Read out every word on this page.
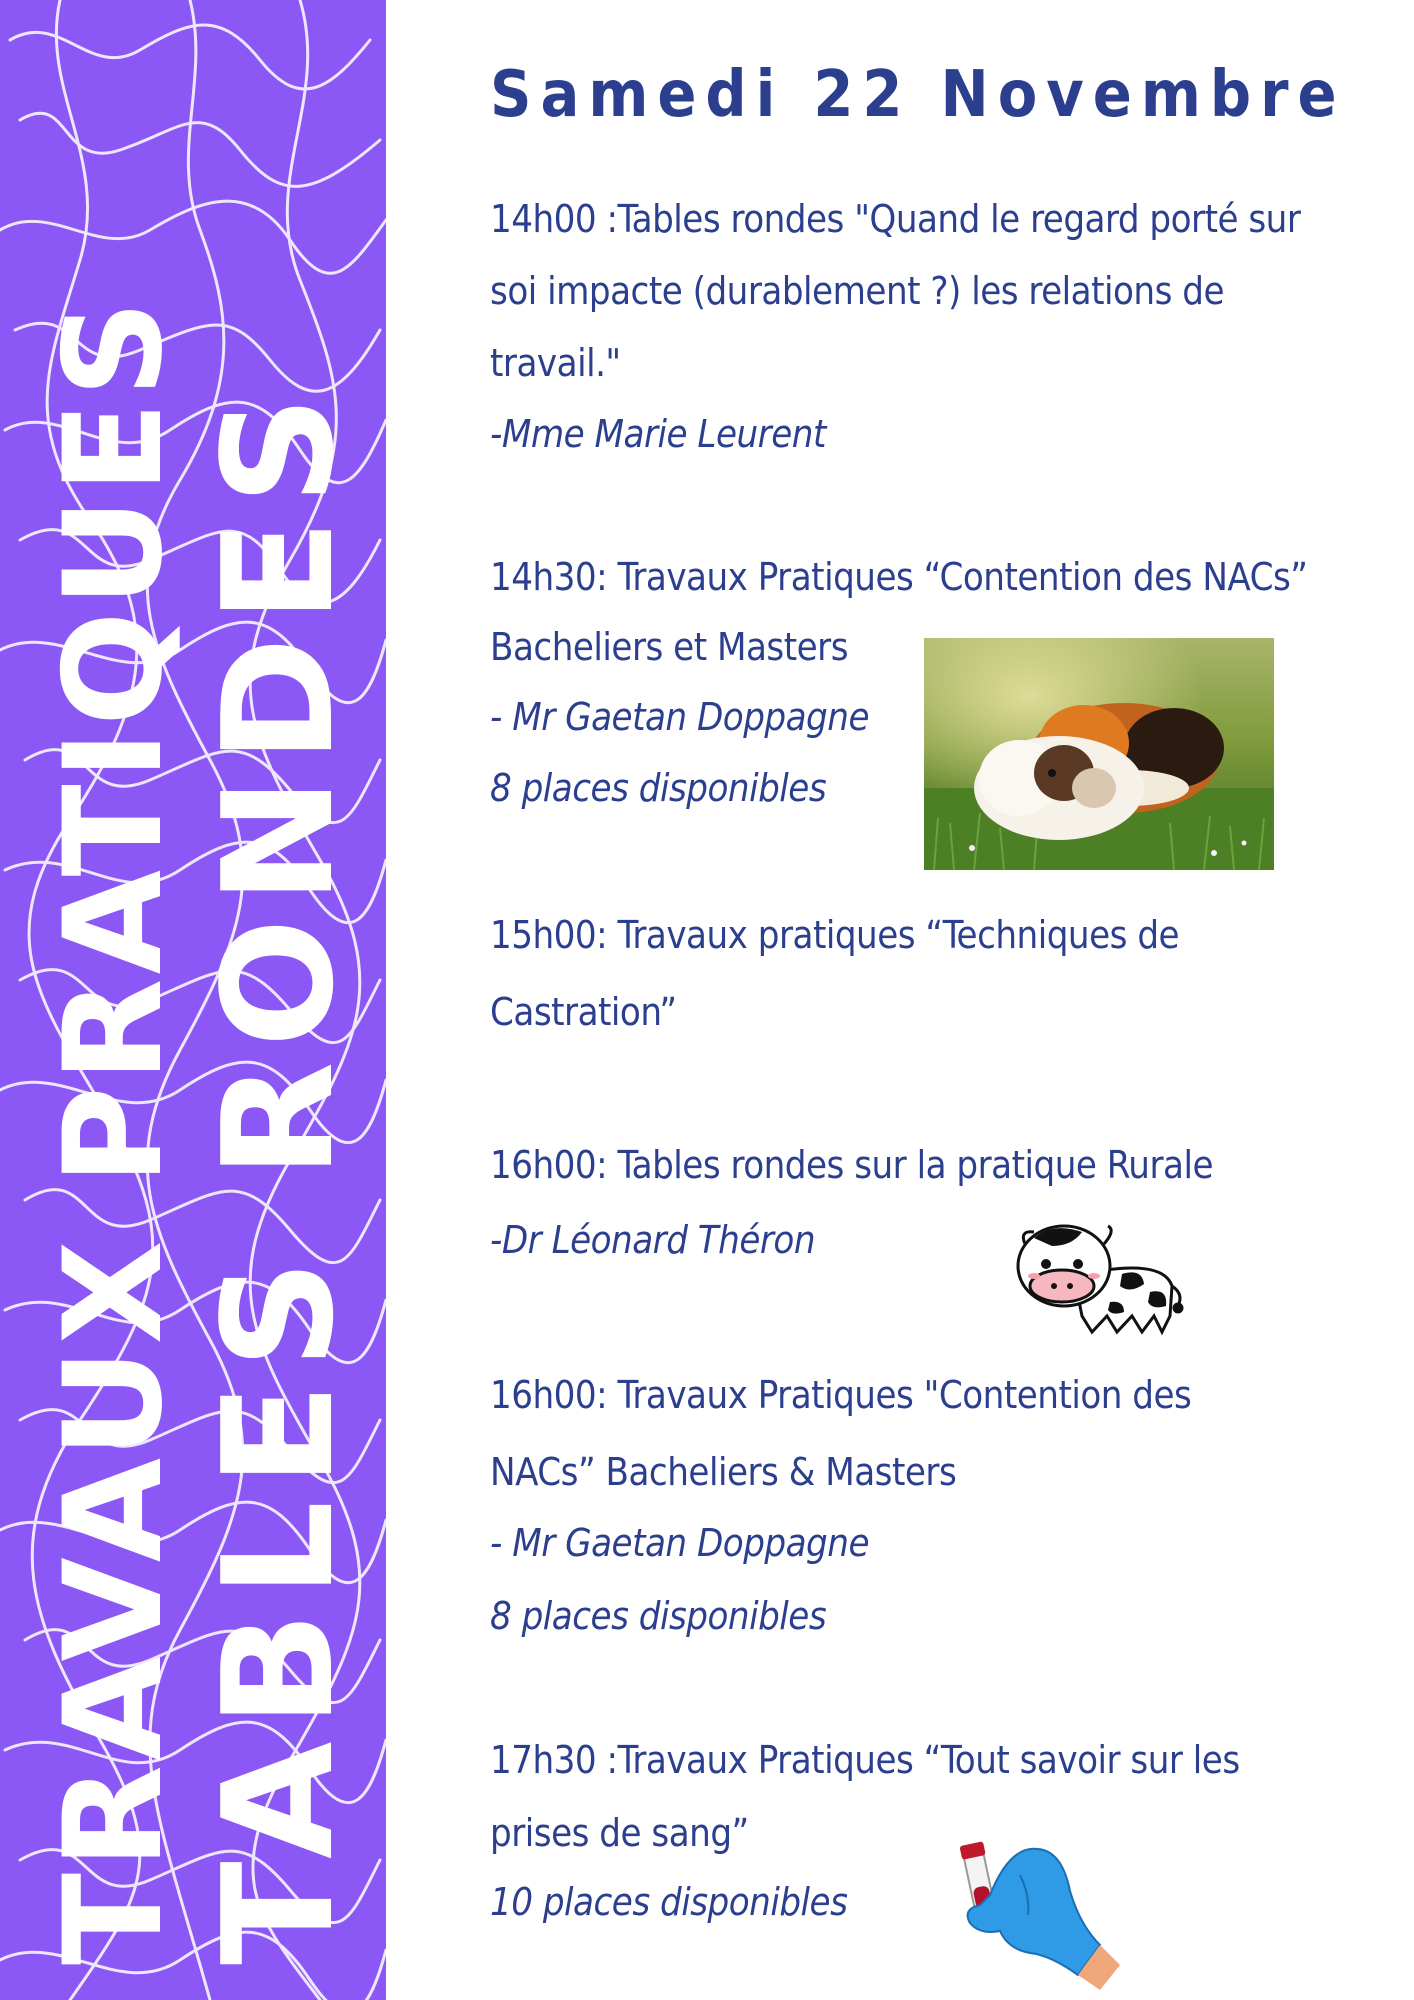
TRAVAUX PRATIQUES
TABLES RONDES
Samedi 22 Novembre

14h00 :Tables rondes "Quand le regard porté sur

soi impacte (durablement ?) les relations de

travail."

-Mme Marie Leurent

14h30: Travaux Pratiques “Contention des NACs”

Bacheliers et Masters

- Mr Gaetan Doppagne

8 places disponibles

15h00: Travaux pratiques “Techniques de

Castration”

16h00: Tables rondes sur la pratique Rurale

-Dr Léonard Théron

16h00: Travaux Pratiques "Contention des

NACs” Bacheliers & Masters

- Mr Gaetan Doppagne

8 places disponibles

17h30 :Travaux Pratiques “Tout savoir sur les

prises de sang”

10 places disponibles
